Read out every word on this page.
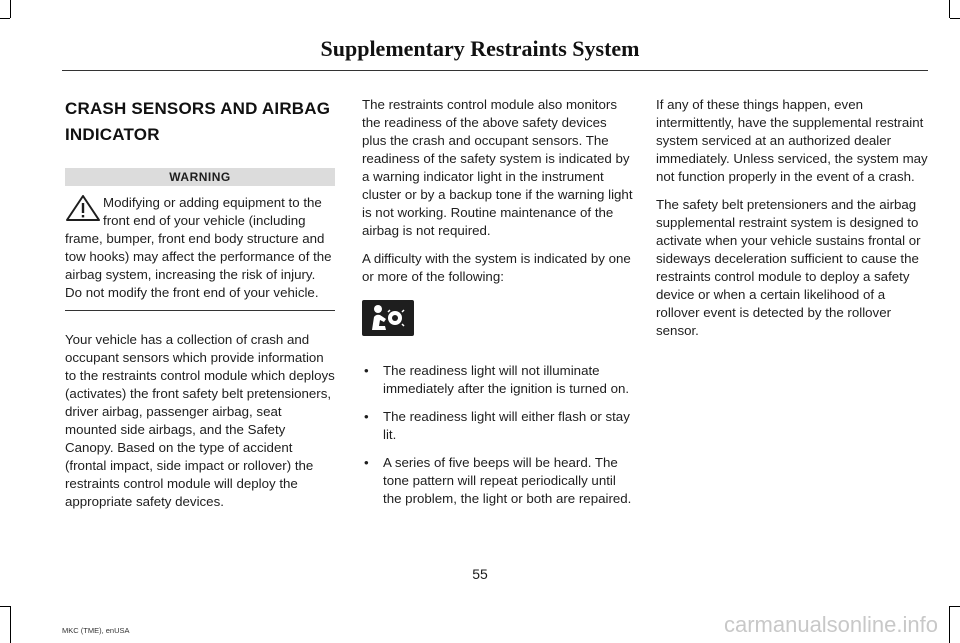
Supplementary Restraints System
CRASH SENSORS AND AIRBAG INDICATOR
WARNING
Modifying or adding equipment to the front end of your vehicle (including frame, bumper, front end body structure and tow hooks) may affect the performance of the airbag system, increasing the risk of injury. Do not modify the front end of your vehicle.

Your vehicle has a collection of crash and occupant sensors which provide information to the restraints control module which deploys (activates) the front safety belt pretensioners, driver airbag, passenger airbag, seat mounted side airbags, and the Safety Canopy. Based on the type of accident (frontal impact, side impact or rollover) the restraints control module will deploy the appropriate safety devices.

The restraints control module also monitors the readiness of the above safety devices plus the crash and occupant sensors. The readiness of the safety system is indicated by a warning indicator light in the instrument cluster or by a backup tone if the warning light is not working. Routine maintenance of the airbag is not required.

A difficulty with the system is indicated by one or more of the following:

• The readiness light will not illuminate immediately after the ignition is turned on.
• The readiness light will either flash or stay lit.
• A series of five beeps will be heard. The tone pattern will repeat periodically until the problem, the light or both are repaired.

If any of these things happen, even intermittently, have the supplemental restraint system serviced at an authorized dealer immediately. Unless serviced, the system may not function properly in the event of a crash.

The safety belt pretensioners and the airbag supplemental restraint system is designed to activate when your vehicle sustains frontal or sideways deceleration sufficient to cause the restraints control module to deploy a safety device or when a certain likelihood of a rollover event is detected by the rollover sensor.

55
MKC (TME), enUSA	carmanualsonline.info
